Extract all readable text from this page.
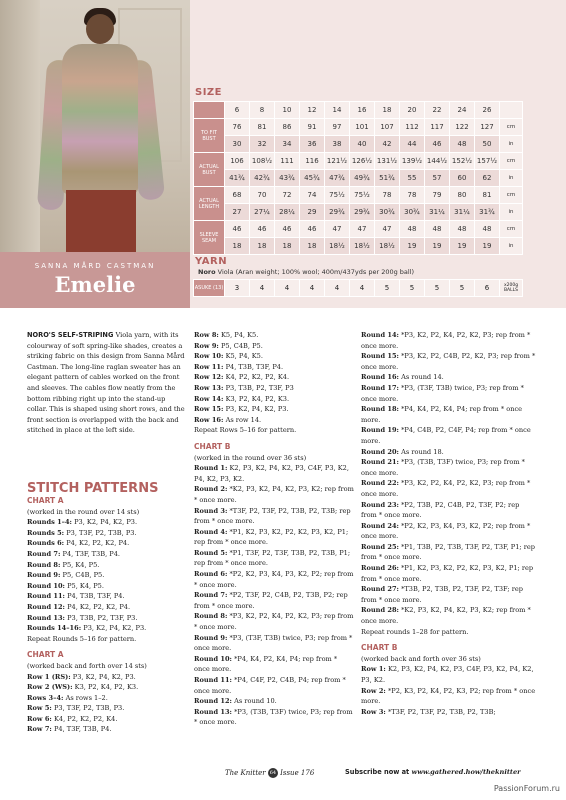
SANNA MÅRD CASTMAN
Emelie
SIZE
	6	8	10	12	14	16	18	20	22	24	26	
TO FIT BUST	76	81	86	91	97	101	107	112	117	122	127	cm
	30	32	34	36	38	40	42	44	46	48	50	in
ACTUAL BUST	106	108½	111	116	121½	126½	131½	139½	144½	152½	157½	cm
	41¾	42¾	43¾	45¾	47¾	49¾	51¾	55	57	60	62	in
ACTUAL LENGTH	68	70	72	74	75½	75½	78	78	79	80	81	cm
	27	27¼	28¼	29	29¾	29¾	30¾	30¾	31¼	31¼	31¾	in
SLEEVE SEAM	46	46	46	46	47	47	47	48	48	48	48	cm
	18	18	18	18	18½	18½	18½	19	19	19	19	in
YARN
Noro Viola (Aran weight; 100% wool; 400m/437yds per 200g ball)
ASUKE (13)	3	4	4	4	4	4	5	5	5	5	6	x200g BALLS
NORO'S SELF-STRIPING Viola yarn, with its colourway of soft spring-like shades, creates a striking fabric on this design from Sanna Mård Castman. The long-line raglan sweater has an elegant pattern of cables worked on the front and sleeves. The cables flow neatly from the bottom ribbing right up into the stand-up collar. This is shaped using short rows, and the front section is overlapped with the back and stitched in place at the left side.

STITCH PATTERNS

CHART A

(worked in the round over 14 sts)

Rounds 1–4: P3, K2, P4, K2, P3.

Rounds 5: P3, T3F, P2, T3B, P3.

Rounds 6: P4, K2, P2, K2, P4.

Round 7: P4, T3F, T3B, P4.

Round 8: P5, K4, P5.

Round 9: P5, C4B, P5.

Round 10: P5, K4, P5.

Round 11: P4, T3B, T3F, P4.

Round 12: P4, K2, P2, K2, P4.

Round 13: P3, T3B, P2, T3F, P3.

Rounds 14–16: P3, K2, P4, K2, P3.

Repeat Rounds 5–16 for pattern.

CHART A

(worked back and forth over 14 sts)

Row 1 (RS): P3, K2, P4, K2, P3.

Row 2 (WS): K3, P2, K4, P2, K3.

Rows 3–4: As rows 1–2.

Row 5: P3, T3F, P2, T3B, P3.

Row 6: K4, P2, K2, P2, K4.

Row 7: P4, T3F, T3B, P4.

Row 8: K5, P4, K5.

Row 9: P5, C4B, P5.

Row 10: K5, P4, K5.

Row 11: P4, T3B, T3F, P4.

Row 12: K4, P2, K2, P2, K4.

Row 13: P3, T3B, P2, T3F, P3

Row 14: K3, P2, K4, P2, K3.

Row 15: P3, K2, P4, K2, P3.

Row 16: As row 14.

Repeat Rows 5–16 for pattern.

CHART B

(worked in the round over 36 sts)

Round 1: K2, P3, K2, P4, K2, P3, C4F, P3, K2, P4, K2, P3, K2.

Round 2: *K2, P3, K2, P4, K2, P3, K2; rep from * once more.

Round 3: *T3F, P2, T3F, P2, T3B, P2, T3B; rep from * once more.

Round 4: *P1, K2, P3, K2, P2, K2, P3, K2, P1; rep from * once more.

Round 5: *P1, T3F, P2, T3F, T3B, P2, T3B, P1; rep from * once more.

Round 6: *P2, K2, P3, K4, P3, K2, P2; rep from * once more.

Round 7: *P2, T3F, P2, C4B, P2, T3B, P2; rep from * once more.

Round 8: *P3, K2, P2, K4, P2, K2, P3; rep from * once more.

Round 9: *P3, (T3F, T3B) twice, P3; rep from * once more.

Round 10: *P4, K4, P2, K4, P4; rep from * once more.

Round 11: *P4, C4F, P2, C4B, P4; rep from * once more.

Round 12: As round 10.

Round 13: *P3, (T3B, T3F) twice, P3; rep from * once more.

Round 14: *P3, K2, P2, K4, P2, K2, P3; rep from * once more.

Round 15: *P3, K2, P2, C4B, P2, K2, P3; rep from * once more.

Round 16: As round 14.

Round 17: *P3, (T3F, T3B) twice, P3; rep from * once more.

Round 18: *P4, K4, P2, K4, P4; rep from * once more.

Round 19: *P4, C4B, P2, C4F, P4; rep from * once more.

Round 20: As round 18.

Round 21: *P3, (T3B, T3F) twice, P3; rep from * once more.

Round 22: *P3, K2, P2, K4, P2, K2, P3; rep from * once more.

Round 23: *P2, T3B, P2, C4B, P2, T3F, P2; rep from * once more.

Round 24: *P2, K2, P3, K4, P3, K2, P2; rep from * once more.

Round 25: *P1, T3B, P2, T3B, T3F, P2, T3F, P1; rep from * once more.

Round 26: *P1, K2, P3, K2, P2, K2, P3, K2, P1; rep from * once more.

Round 27: *T3B, P2, T3B, P2, T3F, P2, T3F; rep from * once more.

Round 28: *K2, P3, K2, P4, K2, P3, K2; rep from * once more.

Repeat rounds 1–28 for pattern.

CHART B

(worked back and forth over 36 sts)

Row 1: K2, P3, K2, P4, K2, P3, C4F, P3, K2, P4, K2, P3, K2.

Row 2: *P2, K3, P2, K4, P2, K3, P2; rep from * once more.

Row 3: *T3F, P2, T3F, P2, T3B, P2, T3B;

The Knitter 64 Issue 176	Subscribe now at www.gathered.how/theknitter
PassionForum.ru
